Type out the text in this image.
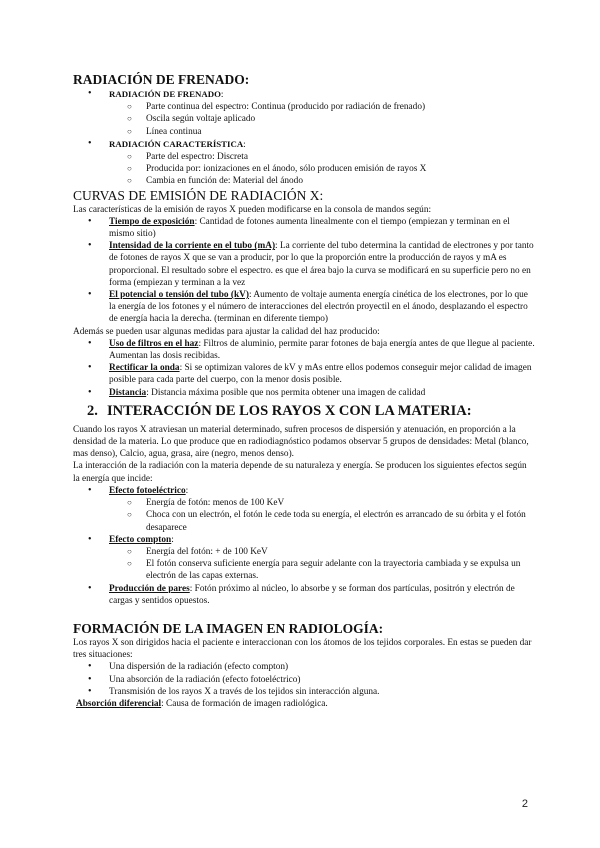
RADIACIÓN DE FRENADO:
• RADIACIÓN DE FRENADO:
○ Parte continua del espectro: Continua (producido por radiación de frenado)
○ Oscila según voltaje aplicado
○ Línea continua
• RADIACIÓN CARACTERÍSTICA:
○ Parte del espectro: Discreta
○ Producida por: ionizaciones en el ánodo, sólo producen emisión de rayos X
○ Cambia en función de: Material del ánodo
CURVAS DE EMISIÓN DE RADIACIÓN X:

Las características de la emisión de rayos X pueden modificarse en la consola de mandos según:

• Tiempo de exposición: Cantidad de fotones aumenta linealmente con el tiempo (empiezan y terminan en el mismo sitio)
• Intensidad de la corriente en el tubo (mA): La corriente del tubo determina la cantidad de electrones y por tanto de fotones de rayos X que se van a producir, por lo que la proporción entre la producción de rayos y mA es proporcional. El resultado sobre el espectro. es que el área bajo la curva se modificará en su superficie pero no en forma (empiezan y terminan a la vez
• El potencial o tensión del tubo (kV): Aumento de voltaje aumenta energía cinética de los electrones, por lo que la energía de los fotones y el número de interacciones del electrón proyectil en el ánodo, desplazando el espectro de energía hacia la derecha. (terminan en diferente tiempo)

Además se pueden usar algunas medidas para ajustar la calidad del haz producido:

• Uso de filtros en el haz: Filtros de aluminio, permite parar fotones de baja energía antes de que llegue al paciente. Aumentan las dosis recibidas.
• Rectificar la onda: Si se optimizan valores de kV y mAs entre ellos podemos conseguir mejor calidad de imagen posible para cada parte del cuerpo, con la menor dosis posible.
• Distancia: Distancia máxima posible que nos permita obtener una imagen de calidad
2. INTERACCIÓN DE LOS RAYOS X CON LA MATERIA:

Cuando los rayos X atraviesan un material determinado, sufren procesos de dispersión y atenuación, en proporción a la densidad de la materia. Lo que produce que en radiodiagnóstico podamos observar 5 grupos de densidades: Metal (blanco, mas denso), Calcio, agua, grasa, aire (negro, menos denso).

La interacción de la radiación con la materia depende de su naturaleza y energía. Se producen los siguientes efectos según la energía que incide:

• Efecto fotoeléctrico:
○ Energía de fotón: menos de 100 KeV
○ Choca con un electrón, el fotón le cede toda su energía, el electrón es arrancado de su órbita y el fotón desaparece
• Efecto compton:
○ Energía del fotón: + de 100 KeV
○ El fotón conserva suficiente energía para seguir adelante con la trayectoria cambiada y se expulsa un electrón de las capas externas.
• Producción de pares: Fotón próximo al núcleo, lo absorbe y se forman dos partículas, positrón y electrón de cargas y sentidos opuestos.
FORMACIÓN DE LA IMAGEN EN RADIOLOGÍA:

Los rayos X son dirigidos hacia el paciente e interaccionan con los átomos de los tejidos corporales. En estas se pueden dar tres situaciones:

• Una dispersión de la radiación (efecto compton)
• Una absorción de la radiación (efecto fotoeléctrico)
• Transmisión de los rayos X a través de los tejidos sin interacción alguna.

Absorción diferencial: Causa de formación de imagen radiológica.

2
